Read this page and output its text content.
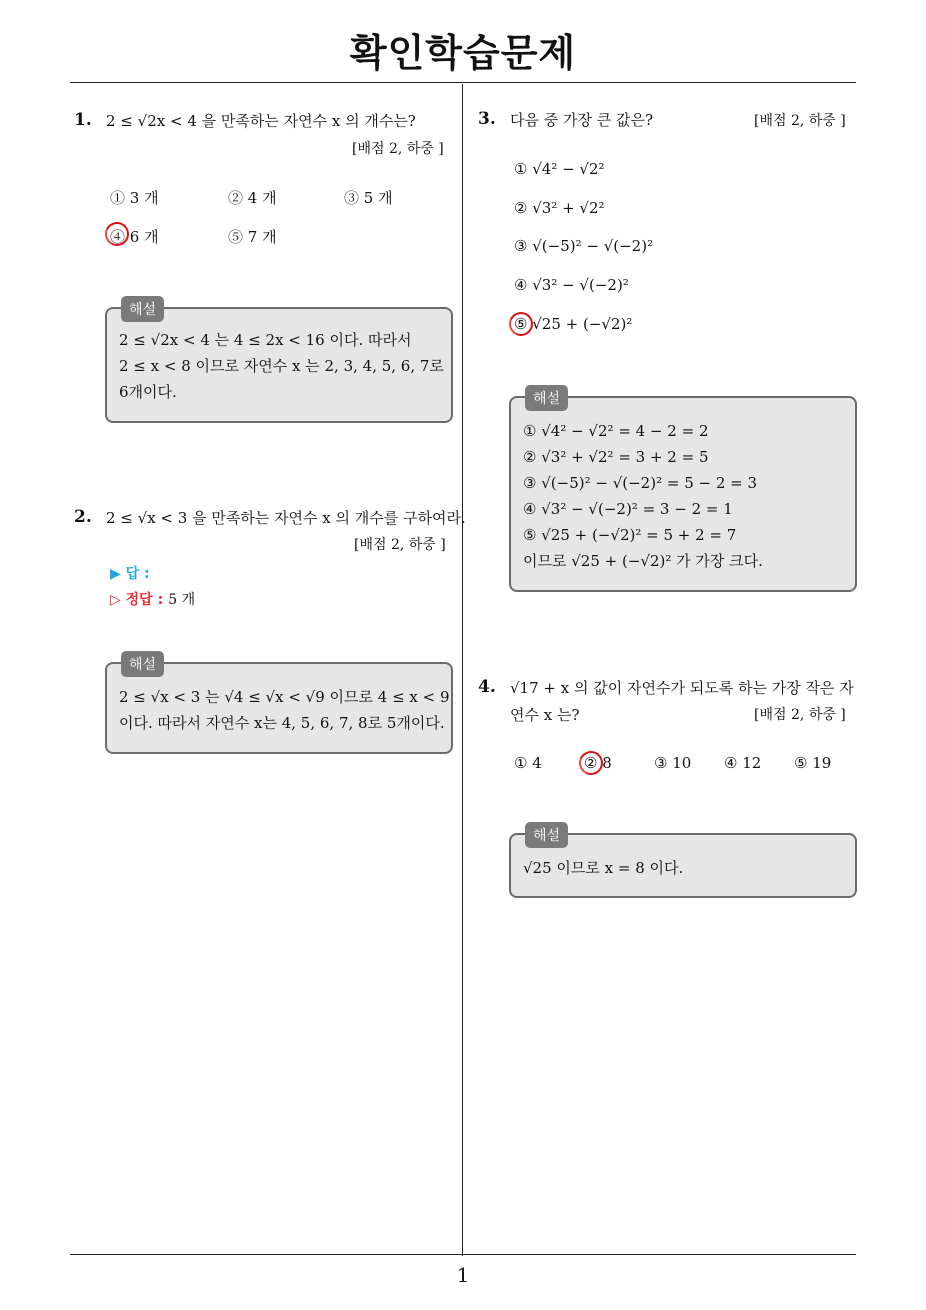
확인학습문제
1
1. 2 ≤ √2x < 4 을 만족하는 자연수 x 의 개수는?
[배점 2, 하중 ]
① 3 개	② 4 개	③ 5 개
④ 6 개	⑤ 7 개
해설
2 ≤ √2x < 4 는 4 ≤ 2x < 16 이다. 따라서
2 ≤ x < 8 이므로 자연수 x 는 2, 3, 4, 5, 6, 7로
6개이다.
2. 2 ≤ √x < 3 을 만족하는 자연수 x 의 개수를 구하여라.
[배점 2, 하중 ]
▶ 답 :
▷ 정답 : 5 개
해설
2 ≤ √x < 3 는 √4 ≤ √x < √9 이므로 4 ≤ x < 9
이다. 따라서 자연수 x는 4, 5, 6, 7, 8로 5개이다.
3. 다음 중 가장 큰 값은?	[배점 2, 하중 ]
① √4² − √2²
② √3² + √2²
③ √(−5)² − √(−2)²
④ √3² − √(−2)²
⑤ √25 + (−√2)²
해설
① √4² − √2² = 4 − 2 = 2
② √3² + √2² = 3 + 2 = 5
③ √(−5)² − √(−2)² = 5 − 2 = 3
④ √3² − √(−2)² = 3 − 2 = 1
⑤ √25 + (−√2)² = 5 + 2 = 7
이므로 √25 + (−√2)² 가 가장 크다.
4. √17 + x 의 값이 자연수가 되도록 하는 가장 작은 자
연수 x 는?	[배점 2, 하중 ]
① 4	② 8	③ 10 ④ 12 ⑤ 19
해설
√25 이므로 x = 8 이다.
